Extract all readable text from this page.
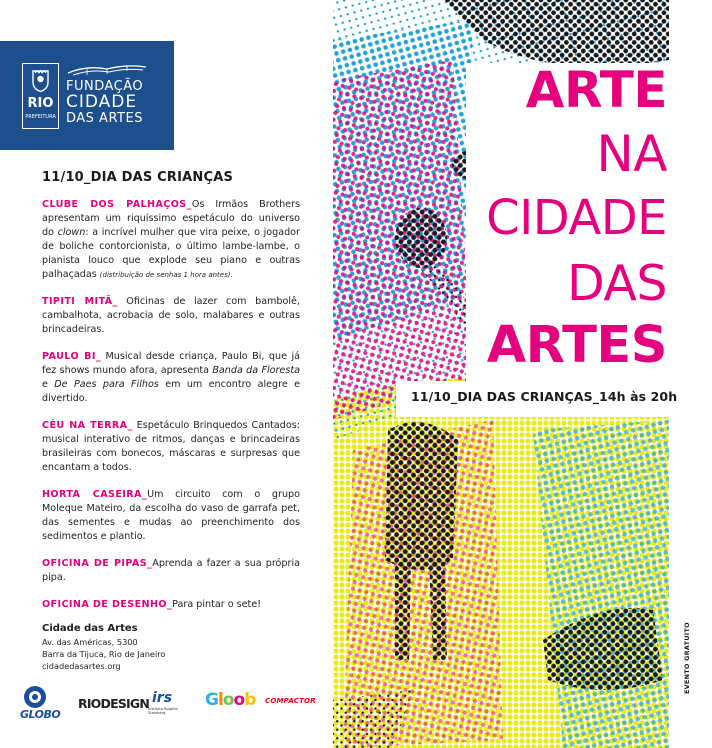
RIO
PREFEITURA
FUNDAÇÃO
CIDADE
DAS ARTES
11/10_DIA DAS CRIANÇAS

CLUBE DOS PALHAÇOS_Os Irmãos Brothers apresentam um riquíssimo espetáculo do universo do clown: a incrível mulher que vira peixe, o jogador de boliche contorcionista, o último lambe-lambe, o pianista louco que explode seu piano e outras palhaçadas (distribuição de senhas 1 hora antes).

TIPITI MITÃ_ Oficinas de lazer com bambolê, cambalhota, acrobacia de solo, malabares e outras brincadeiras.

PAULO BI_ Musical desde criança, Paulo Bi, que já fez shows mundo afora, apresenta Banda da Floresta e De Paes para Filhos em um encontro alegre e divertido.

CÉU NA TERRA_ Espetáculo Brinquedos Cantados: musical interativo de ritmos, danças e brincadeiras brasileiras com bonecos, máscaras e surpresas que encantam a todos.

HORTA CASEIRA_Um circuito com o grupo Moleque Mateiro, da escolha do vaso de garrafa pet, das sementes e mudas ao preenchimento dos sedimentos e plantio.

OFICINA DE PIPAS_Aprenda a fazer a sua própria pipa.

OFICINA DE DESENHO_Para pintar o sete!

Cidade das Artes
Av. das Américas, 5300
Barra da Tijuca, Rio de Janeiro
cidadedasartes.org
GLOBO
RIODESIGN irs
Instituto Rogerio Steinberg
Gloob COMPACTOR
ARTE
NA
CIDADE
DAS
ARTES
11/10_DIA DAS CRIANÇAS_14h às 20h
EVENTO GRATUITO
